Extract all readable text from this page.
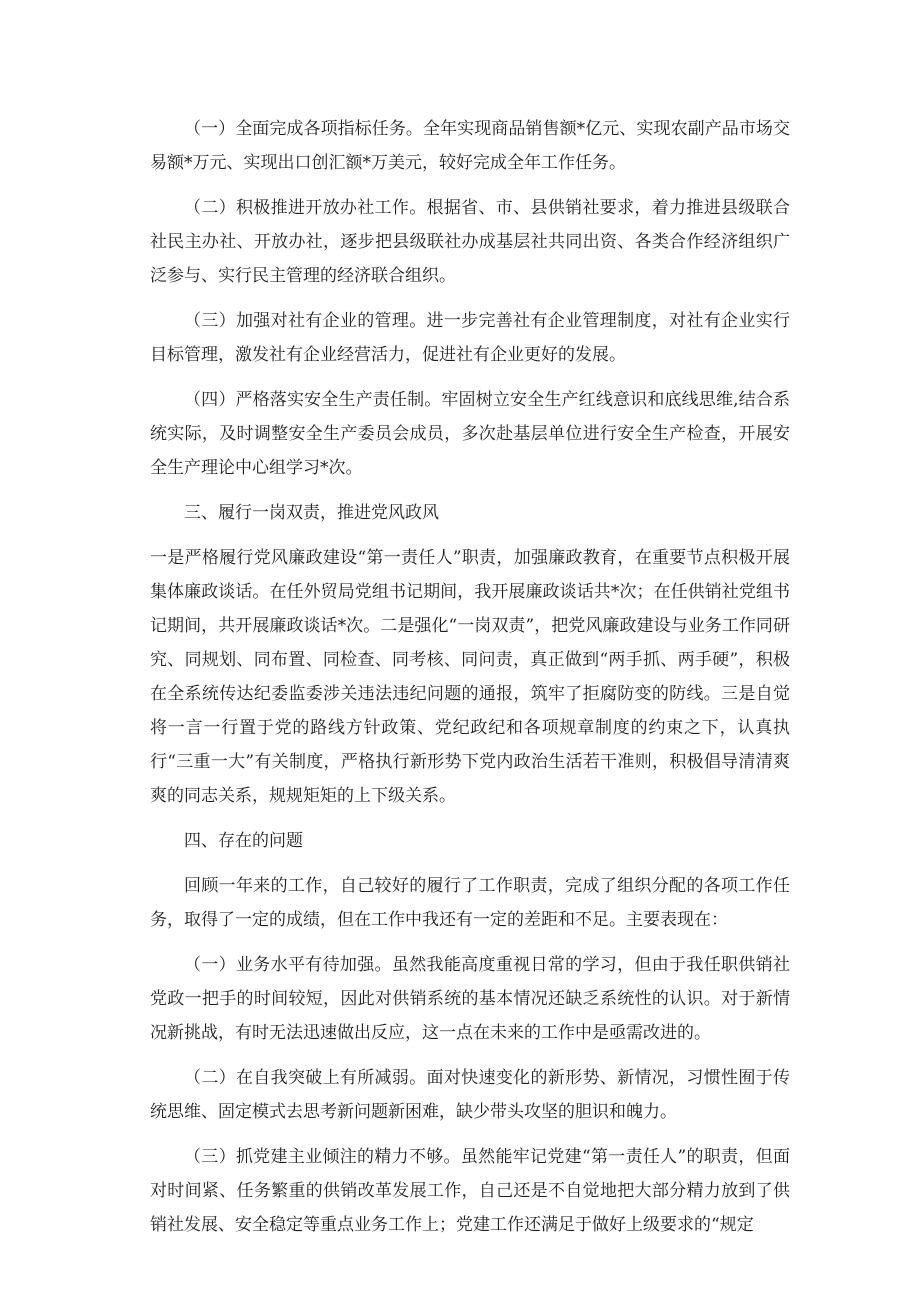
（一）全面完成各项指标任务。全年实现商品销售额*亿元、实现农副产品市场交易额*万元、实现出口创汇额*万美元，较好完成全年工作任务。

（二）积极推进开放办社工作。根据省、市、县供销社要求，着力推进县级联合社民主办社、开放办社，逐步把县级联社办成基层社共同出资、各类合作经济组织广泛参与、实行民主管理的经济联合组织。

（三）加强对社有企业的管理。进一步完善社有企业管理制度，对社有企业实行目标管理，激发社有企业经营活力，促进社有企业更好的发展。

（四）严格落实安全生产责任制。牢固树立安全生产红线意识和底线思维,结合系统实际，及时调整安全生产委员会成员，多次赴基层单位进行安全生产检查，开展安全生产理论中心组学习*次。

三、履行一岗双责，推进党风政风

一是严格履行党风廉政建设“第一责任人”职责，加强廉政教育，在重要节点积极开展集体廉政谈话。在任外贸局党组书记期间，我开展廉政谈话共*次；在任供销社党组书记期间，共开展廉政谈话*次。二是强化“一岗双责”，把党风廉政建设与业务工作同研究、同规划、同布置、同检查、同考核、同问责，真正做到“两手抓、两手硬”，积极在全系统传达纪委监委涉关违法违纪问题的通报，筑牢了拒腐防变的防线。三是自觉将一言一行置于党的路线方针政策、党纪政纪和各项规章制度的约束之下，认真执行“三重一大”有关制度，严格执行新形势下党内政治生活若干准则，积极倡导清清爽爽的同志关系，规规矩矩的上下级关系。

四、存在的问题

回顾一年来的工作，自己较好的履行了工作职责，完成了组织分配的各项工作任务，取得了一定的成绩，但在工作中我还有一定的差距和不足。主要表现在：

（一）业务水平有待加强。虽然我能高度重视日常的学习，但由于我任职供销社党政一把手的时间较短，因此对供销系统的基本情况还缺乏系统性的认识。对于新情况新挑战，有时无法迅速做出反应，这一点在未来的工作中是亟需改进的。

（二）在自我突破上有所减弱。面对快速变化的新形势、新情况，习惯性囿于传统思维、固定模式去思考新问题新困难，缺少带头攻坚的胆识和魄力。

（三）抓党建主业倾注的精力不够。虽然能牢记党建“第一责任人”的职责，但面对时间紧、任务繁重的供销改革发展工作，自己还是不自觉地把大部分精力放到了供销社发展、安全稳定等重点业务工作上；党建工作还满足于做好上级要求的“规定
